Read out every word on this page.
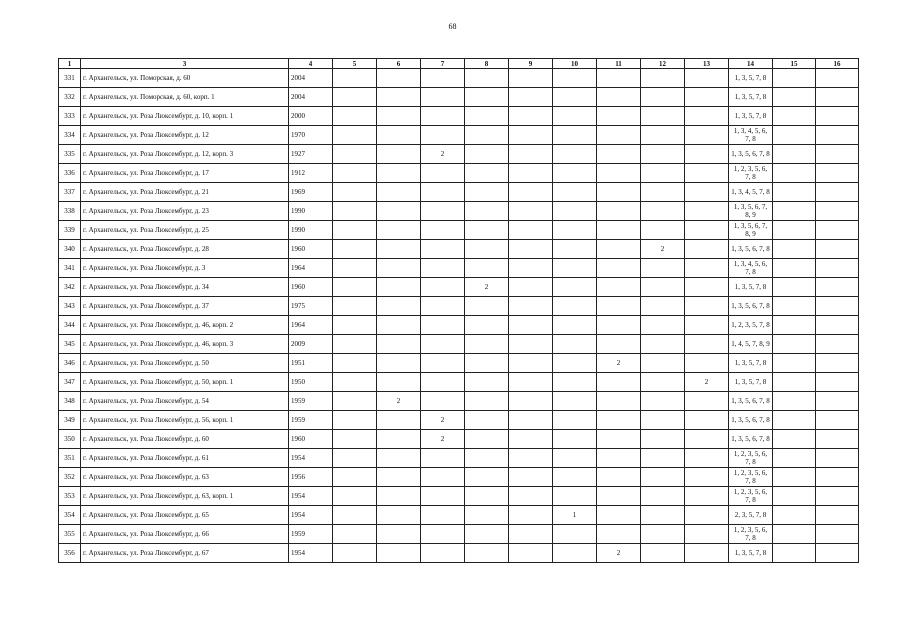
68
1	3	4	5	6	7	8	9	10	11	12	13	14	15	16
331	г. Архангельск, ул. Поморская, д. 60	2004										1, 3, 5, 7, 8		
332	г. Архангельск, ул. Поморская, д. 60, корп. 1	2004										1, 3, 5, 7, 8		
333	г. Архангельск, ул. Роза Люксембург, д. 10, корп. 1	2000										1, 3, 5, 7, 8		
334	г. Архангельск, ул. Роза Люксембург, д. 12	1970										1, 3, 4, 5, 6, 7, 8		
335	г. Архангельск, ул. Роза Люксембург, д. 12, корп. 3	1927			2							1, 3, 5, 6, 7, 8		
336	г. Архангельск, ул. Роза Люксембург, д. 17	1912										1, 2, 3, 5, 6, 7, 8		
337	г. Архангельск, ул. Роза Люксембург, д. 21	1969										1, 3, 4, 5, 7, 8		
338	г. Архангельск, ул. Роза Люксембург, д. 23	1990										1, 3, 5, 6, 7, 8, 9		
339	г. Архангельск, ул. Роза Люксембург, д. 25	1990										1, 3, 5, 6, 7, 8, 9		
340	г. Архангельск, ул. Роза Люксембург, д. 28	1960								2		1, 3, 5, 6, 7, 8		
341	г. Архангельск, ул. Роза Люксембург, д. 3	1964										1, 3, 4, 5, 6, 7, 8		
342	г. Архангельск, ул. Роза Люксембург, д. 34	1960				2						1, 3, 5, 7, 8		
343	г. Архангельск, ул. Роза Люксембург, д. 37	1975										1, 3, 5, 6, 7, 8		
344	г. Архангельск, ул. Роза Люксембург, д. 46, корп. 2	1964										1, 2, 3, 5, 7, 8		
345	г. Архангельск, ул. Роза Люксембург, д. 46, корп. 3	2009										1, 4, 5, 7, 8, 9		
346	г. Архангельск, ул. Роза Люксембург, д. 50	1951							2			1, 3, 5, 7, 8		
347	г. Архангельск, ул. Роза Люксембург, д. 50, корп. 1	1950									2	1, 3, 5, 7, 8		
348	г. Архангельск, ул. Роза Люксембург, д. 54	1959		2								1, 3, 5, 6, 7, 8		
349	г. Архангельск, ул. Роза Люксембург, д. 56, корп. 1	1959			2							1, 3, 5, 6, 7, 8		
350	г. Архангельск, ул. Роза Люксембург, д. 60	1960			2							1, 3, 5, 6, 7, 8		
351	г. Архангельск, ул. Роза Люксембург, д. 61	1954										1, 2, 3, 5, 6, 7, 8		
352	г. Архангельск, ул. Роза Люксембург, д. 63	1956										1, 2, 3, 5, 6, 7, 8		
353	г. Архангельск, ул. Роза Люксембург, д. 63, корп. 1	1954										1, 2, 3, 5, 6, 7, 8		
354	г. Архангельск, ул. Роза Люксембург, д. 65	1954						1				2, 3, 5, 7, 8		
355	г. Архангельск, ул. Роза Люксембург, д. 66	1959										1, 2, 3, 5, 6, 7, 8		
356	г. Архангельск, ул. Роза Люксембург, д. 67	1954							2			1, 3, 5, 7, 8		
